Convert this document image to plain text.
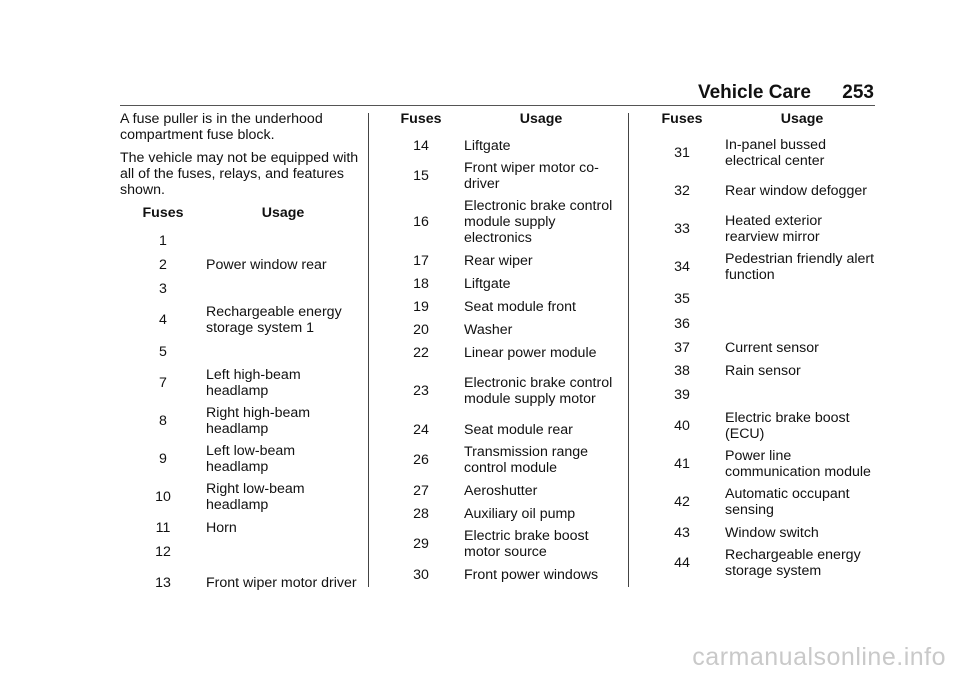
Vehicle Care 253

A fuse puller is in the underhood compartment fuse block.

The vehicle may not be equipped with all of the fuses, relays, and features shown.

Fuses	Usage
1	
2	Power window rear
3	
4	Rechargeable energy storage system 1
5	
7	Left high-beam headlamp
8	Right high-beam headlamp
9	Left low-beam headlamp
10	Right low-beam headlamp
11	Horn
12	
13	Front wiper motor driver
Fuses	Usage
14	Liftgate
15	Front wiper motor co-driver
16	Electronic brake control module supply electronics
17	Rear wiper
18	Liftgate
19	Seat module front
20	Washer
22	Linear power module
23	Electronic brake control module supply motor
24	Seat module rear
26	Transmission range control module
27	Aeroshutter
28	Auxiliary oil pump
29	Electric brake boost motor source
30	Front power windows
Fuses	Usage
31	In-panel bussed electrical center
32	Rear window defogger
33	Heated exterior rearview mirror
34	Pedestrian friendly alert function
35	
36	
37	Current sensor
38	Rain sensor
39	
40	Electric brake boost (ECU)
41	Power line communication module
42	Automatic occupant sensing
43	Window switch
44	Rechargeable energy storage system
carmanualsonline.info
